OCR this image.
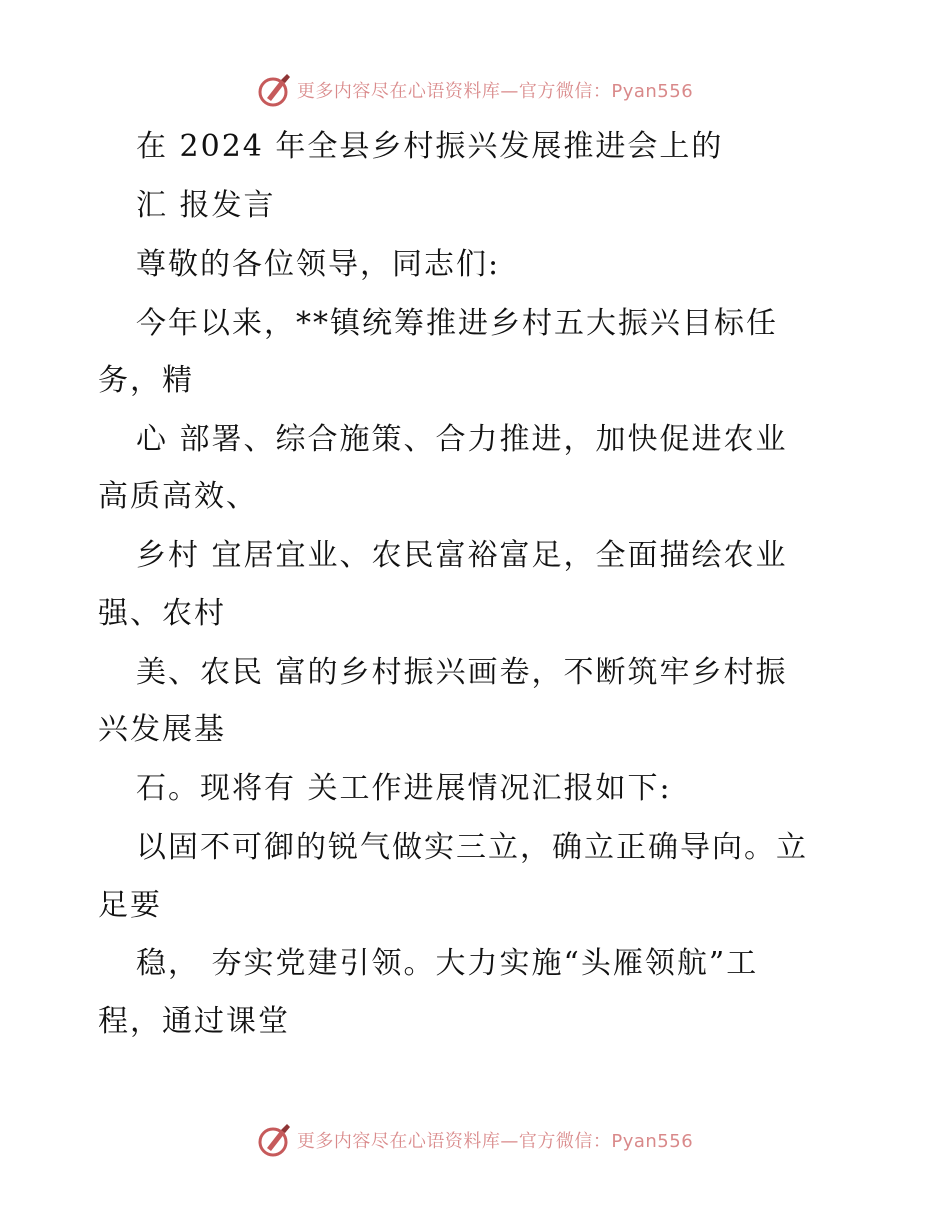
更多内容尽在心语资料库—官方微信：Pyan556
在 2024 年全县乡村振兴发展推进会上的
汇 报发言
尊敬的各位领导，同志们:
今年以来，**镇统筹推进乡村五大振兴目标任
务，精
心 部署、综合施策、合力推进，加快促进农业
高质高效、
乡村 宜居宜业、农民富裕富足，全面描绘农业
强、农村
美、农民 富的乡村振兴画卷，不断筑牢乡村振
兴发展基
石。现将有 关工作进展情况汇报如下:
以固不可御的锐气做实三立，确立正确导向。立
足要
稳， 夯实党建引领。大力实施“头雁领航”工
程，通过课堂
更多内容尽在心语资料库—官方微信：Pyan556
